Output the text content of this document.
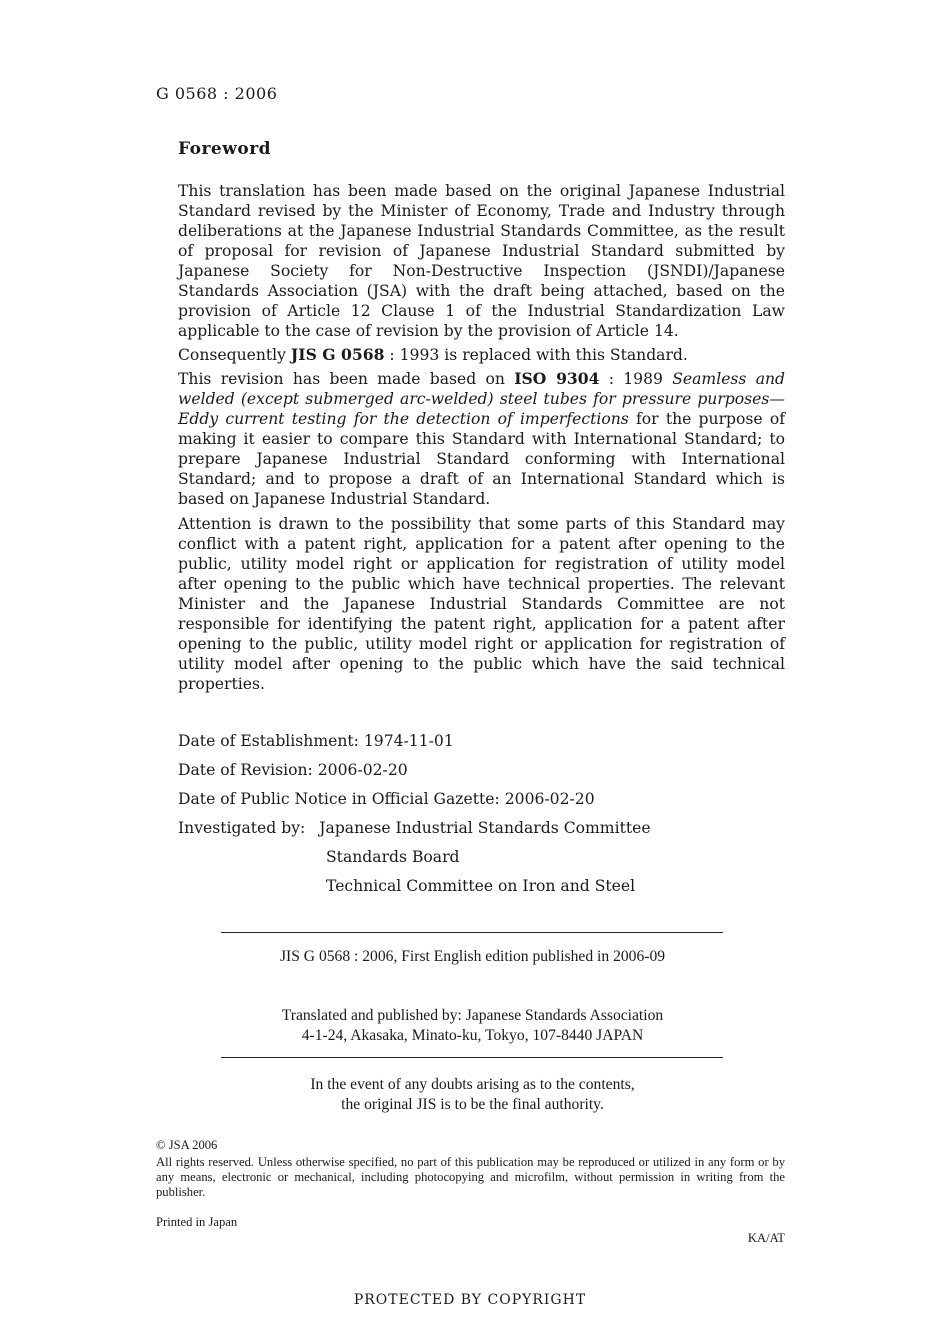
G 0568 : 2006
Foreword
This translation has been made based on the original Japanese Industrial Standard revised by the Minister of Economy, Trade and Industry through deliberations at the Japanese Industrial Standards Committee, as the result of proposal for revision of Japanese Industrial Standard submitted by Japanese Society for Non-Destructive Inspection (JSNDI)/Japanese Standards Association (JSA) with the draft being attached, based on the provision of Article 12 Clause 1 of the Industrial Standardization Law applicable to the case of revision by the provision of Article 14.
Consequently JIS G 0568 : 1993 is replaced with this Standard.
This revision has been made based on ISO 9304 : 1989 Seamless and welded (except submerged arc-welded) steel tubes for pressure purposes—Eddy current testing for the detection of imperfections for the purpose of making it easier to compare this Standard with International Standard; to prepare Japanese Industrial Standard conforming with International Standard; and to propose a draft of an International Standard which is based on Japanese Industrial Standard.
Attention is drawn to the possibility that some parts of this Standard may conflict with a patent right, application for a patent after opening to the public, utility model right or application for registration of utility model after opening to the public which have technical properties. The relevant Minister and the Japanese Industrial Standards Committee are not responsible for identifying the patent right, application for a patent after opening to the public, utility model right or application for registration of utility model after opening to the public which have the said technical properties.
Date of Establishment: 1974-11-01
Date of Revision: 2006-02-20
Date of Public Notice in Official Gazette: 2006-02-20
Investigated by: Japanese Industrial Standards Committee
Standards Board
Technical Committee on Iron and Steel
JIS G 0568 : 2006, First English edition published in 2006-09
Translated and published by: Japanese Standards Association
4-1-24, Akasaka, Minato-ku, Tokyo, 107-8440 JAPAN
In the event of any doubts arising as to the contents,
the original JIS is to be the final authority.
© JSA 2006
All rights reserved. Unless otherwise specified, no part of this publication may be reproduced or utilized in any form or by any means, electronic or mechanical, including photocopying and microfilm, without permission in writing from the publisher.
Printed in Japan
KA/AT
PROTECTED BY COPYRIGHT
